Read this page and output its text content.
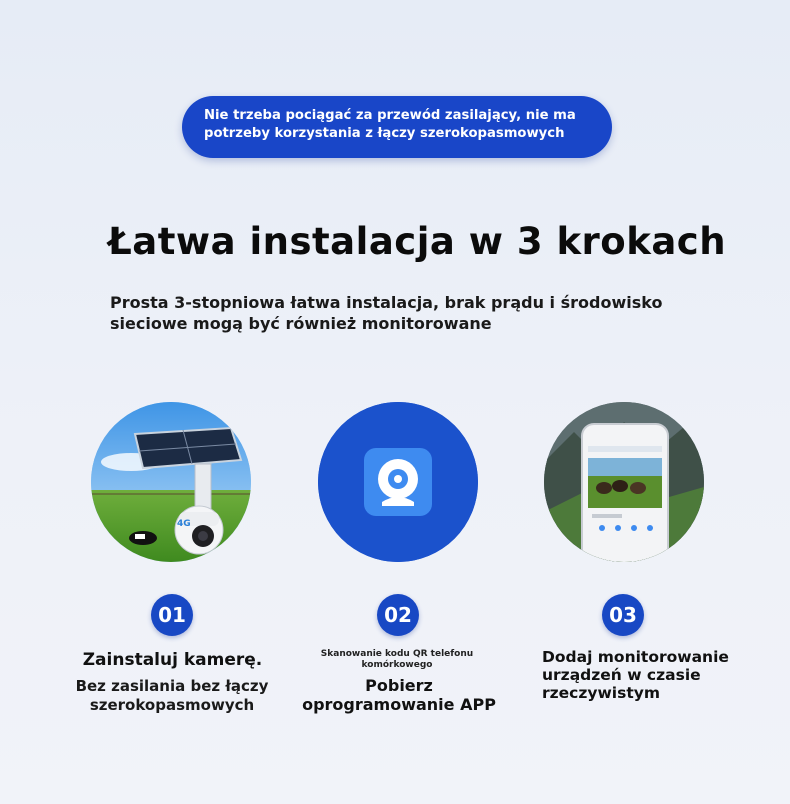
Nie trzeba pociągać za przewód zasilający, nie ma potrzeby korzystania z łączy szerokopasmowych
Łatwa instalacja w 3 krokach
Prosta 3-stopniowa łatwa instalacja, brak prądu i środowisko sieciowe mogą być również monitorowane
4G
01	02	03
Zainstaluj kamerę.
Bez zasilania bez łączy szerokopasmowych
Skanowanie kodu QR telefonu komórkowego
Pobierz oprogramowanie APP
Dodaj monitorowanie urządzeń w czasie rzeczywistym
